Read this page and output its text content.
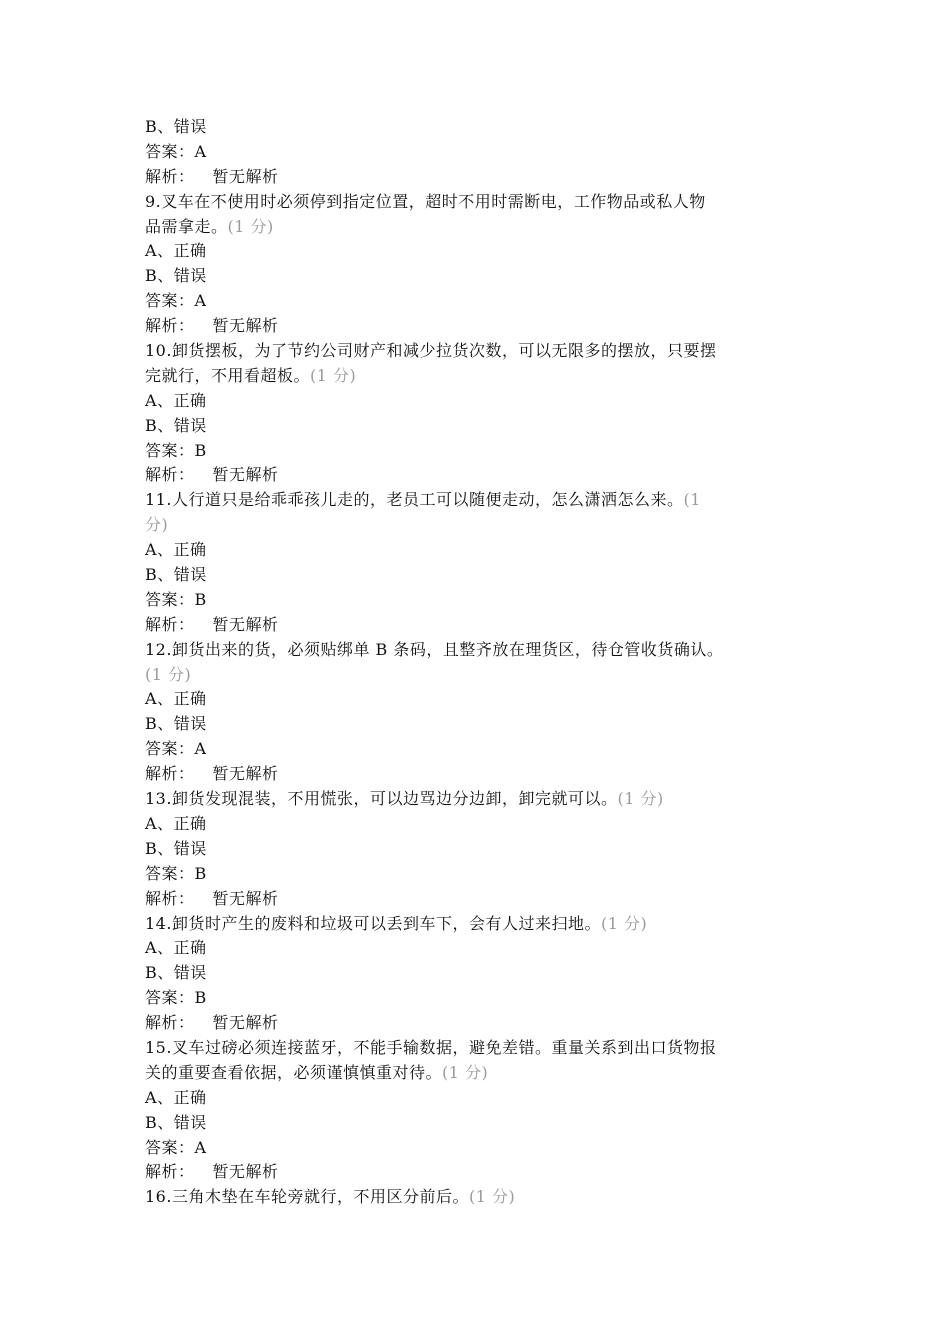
B、错误
答案：A
解析： 暂无解析
9.叉车在不使用时必须停到指定位置，超时不用时需断电，工作物品或私人物
品需拿走。(1 分)
A、正确
B、错误
答案：A
解析： 暂无解析
10.卸货摆板，为了节约公司财产和减少拉货次数，可以无限多的摆放，只要摆
完就行，不用看超板。(1 分)
A、正确
B、错误
答案：B
解析： 暂无解析
11.人行道只是给乖乖孩儿走的，老员工可以随便走动，怎么潇洒怎么来。(1
分)
A、正确
B、错误
答案：B
解析： 暂无解析
12.卸货出来的货，必须贴绑单 B 条码，且整齐放在理货区，待仓管收货确认。
(1 分)
A、正确
B、错误
答案：A
解析： 暂无解析
13.卸货发现混装，不用慌张，可以边骂边分边卸，卸完就可以。(1 分)
A、正确
B、错误
答案：B
解析： 暂无解析
14.卸货时产生的废料和垃圾可以丢到车下，会有人过来扫地。(1 分)
A、正确
B、错误
答案：B
解析： 暂无解析
15.叉车过磅必须连接蓝牙，不能手输数据，避免差错。重量关系到出口货物报
关的重要查看依据，必须谨慎慎重对待。(1 分)
A、正确
B、错误
答案：A
解析： 暂无解析
16.三角木垫在车轮旁就行，不用区分前后。(1 分)
